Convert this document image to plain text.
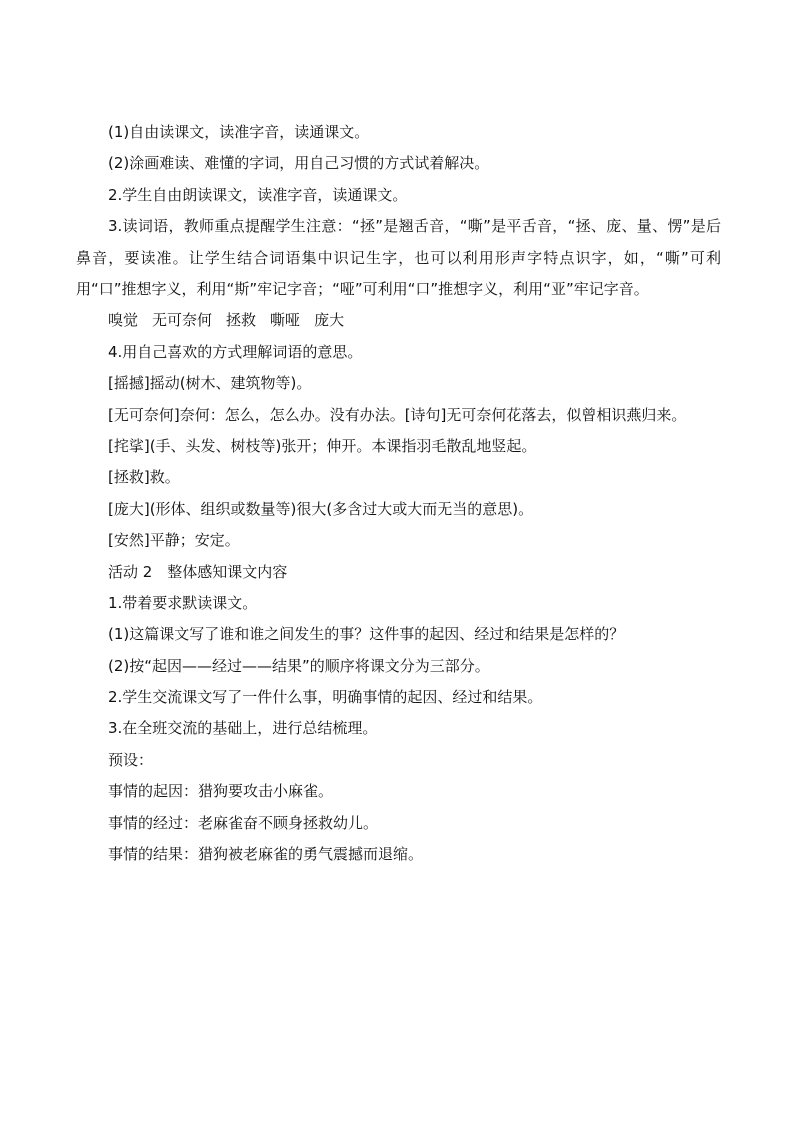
(1)自由读课文，读准字音，读通课文。
(2)涂画难读、难懂的字词，用自己习惯的方式试着解决。
2.学生自由朗读课文，读准字音，读通课文。
3.读词语，教师重点提醒学生注意：“拯”是翘舌音，“嘶”是平舌音，“拯、庞、量、愣”是后鼻音，要读准。让学生结合词语集中识记生字，也可以利用形声字特点识字，如，“嘶”可利用“口”推想字义，利用“斯”牢记字音；“哑”可利用“口”推想字义，利用“亚”牢记字音。
嗅觉 无可奈何 拯救 嘶哑 庞大
4.用自己喜欢的方式理解词语的意思。
[摇撼]摇动(树木、建筑物等)。
[无可奈何]奈何：怎么，怎么办。没有办法。[诗句]无可奈何花落去，似曾相识燕归来。
[挓挲](手、头发、树枝等)张开；伸开。本课指羽毛散乱地竖起。
[拯救]救。
[庞大](形体、组织或数量等)很大(多含过大或大而无当的意思)。
[安然]平静；安定。
活动 2　整体感知课文内容
1.带着要求默读课文。
(1)这篇课文写了谁和谁之间发生的事？这件事的起因、经过和结果是怎样的？
(2)按“起因——经过——结果”的顺序将课文分为三部分。
2.学生交流课文写了一件什么事，明确事情的起因、经过和结果。
3.在全班交流的基础上，进行总结梳理。
预设：
事情的起因：猎狗要攻击小麻雀。
事情的经过：老麻雀奋不顾身拯救幼儿。
事情的结果：猎狗被老麻雀的勇气震撼而退缩。
